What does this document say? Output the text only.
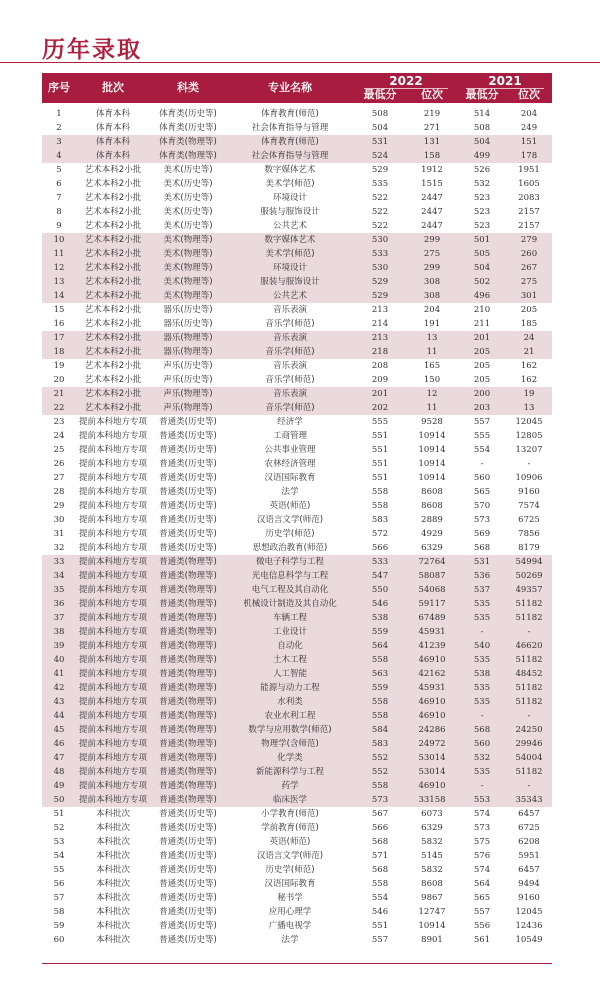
历年录取
序号	批次	科类	专业名称	2022	2021
最低分	位次	最低分	位次
1	体育本科	体育类(历史等)	体育教育(师范)	508	219	514	204
2	体育本科	体育类(历史等)	社会体育指导与管理	504	271	508	249
3	体育本科	体育类(物理等)	体育教育(师范)	531	131	504	151
4	体育本科	体育类(物理等)	社会体育指导与管理	524	158	499	178
5	艺术本科2小批	美术(历史等)	数字媒体艺术	529	1912	526	1951
6	艺术本科2小批	美术(历史等)	美术学(师范)	535	1515	532	1605
7	艺术本科2小批	美术(历史等)	环境设计	522	2447	523	2083
8	艺术本科2小批	美术(历史等)	服装与服饰设计	522	2447	523	2157
9	艺术本科2小批	美术(历史等)	公共艺术	522	2447	523	2157
10	艺术本科2小批	美术(物理等)	数字媒体艺术	530	299	501	279
11	艺术本科2小批	美术(物理等)	美术学(师范)	533	275	505	260
12	艺术本科2小批	美术(物理等)	环境设计	530	299	504	267
13	艺术本科2小批	美术(物理等)	服装与服饰设计	529	308	502	275
14	艺术本科2小批	美术(物理等)	公共艺术	529	308	496	301
15	艺术本科2小批	器乐(历史等)	音乐表演	213	204	210	205
16	艺术本科2小批	器乐(历史等)	音乐学(师范)	214	191	211	185
17	艺术本科2小批	器乐(物理等)	音乐表演	213	13	201	24
18	艺术本科2小批	器乐(物理等)	音乐学(师范)	218	11	205	21
19	艺术本科2小批	声乐(历史等)	音乐表演	208	165	205	162
20	艺术本科2小批	声乐(历史等)	音乐学(师范)	209	150	205	162
21	艺术本科2小批	声乐(物理等)	音乐表演	201	12	200	19
22	艺术本科2小批	声乐(物理等)	音乐学(师范)	202	11	203	13
23	提前本科地方专项	普通类(历史等)	经济学	555	9528	557	12045
24	提前本科地方专项	普通类(历史等)	工商管理	551	10914	555	12805
25	提前本科地方专项	普通类(历史等)	公共事业管理	551	10914	554	13207
26	提前本科地方专项	普通类(历史等)	农林经济管理	551	10914	-	-
27	提前本科地方专项	普通类(历史等)	汉语国际教育	551	10914	560	10906
28	提前本科地方专项	普通类(历史等)	法学	558	8608	565	9160
29	提前本科地方专项	普通类(历史等)	英语(师范)	558	8608	570	7574
30	提前本科地方专项	普通类(历史等)	汉语言文学(师范)	583	2889	573	6725
31	提前本科地方专项	普通类(历史等)	历史学(师范)	572	4929	569	7856
32	提前本科地方专项	普通类(历史等)	思想政治教育(师范)	566	6329	568	8179
33	提前本科地方专项	普通类(物理等)	微电子科学与工程	533	72764	531	54994
34	提前本科地方专项	普通类(物理等)	光电信息科学与工程	547	58087	536	50269
35	提前本科地方专项	普通类(物理等)	电气工程及其自动化	550	54068	537	49357
36	提前本科地方专项	普通类(物理等)	机械设计制造及其自动化	546	59117	535	51182
37	提前本科地方专项	普通类(物理等)	车辆工程	538	67489	535	51182
38	提前本科地方专项	普通类(物理等)	工业设计	559	45931	-	-
39	提前本科地方专项	普通类(物理等)	自动化	564	41239	540	46620
40	提前本科地方专项	普通类(物理等)	土木工程	558	46910	535	51182
41	提前本科地方专项	普通类(物理等)	人工智能	563	42162	538	48452
42	提前本科地方专项	普通类(物理等)	能源与动力工程	559	45931	535	51182
43	提前本科地方专项	普通类(物理等)	水利类	558	46910	535	51182
44	提前本科地方专项	普通类(物理等)	农业水利工程	558	46910	-	-
45	提前本科地方专项	普通类(物理等)	数学与应用数学(师范)	584	24286	568	24250
46	提前本科地方专项	普通类(物理等)	物理学(含师范)	583	24972	560	29946
47	提前本科地方专项	普通类(物理等)	化学类	552	53014	532	54004
48	提前本科地方专项	普通类(物理等)	新能源科学与工程	552	53014	535	51182
49	提前本科地方专项	普通类(物理等)	药学	558	46910	-	-
50	提前本科地方专项	普通类(物理等)	临床医学	573	33158	553	35343
51	本科批次	普通类(历史等)	小学教育(师范)	567	6073	574	6457
52	本科批次	普通类(历史等)	学前教育(师范)	566	6329	573	6725
53	本科批次	普通类(历史等)	英语(师范)	568	5832	575	6208
54	本科批次	普通类(历史等)	汉语言文学(师范)	571	5145	576	5951
55	本科批次	普通类(历史等)	历史学(师范)	568	5832	574	6457
56	本科批次	普通类(历史等)	汉语国际教育	558	8608	564	9494
57	本科批次	普通类(历史等)	秘书学	554	9867	565	9160
58	本科批次	普通类(历史等)	应用心理学	546	12747	557	12045
59	本科批次	普通类(历史等)	广播电视学	551	10914	556	12436
60	本科批次	普通类(历史等)	法学	557	8901	561	10549
